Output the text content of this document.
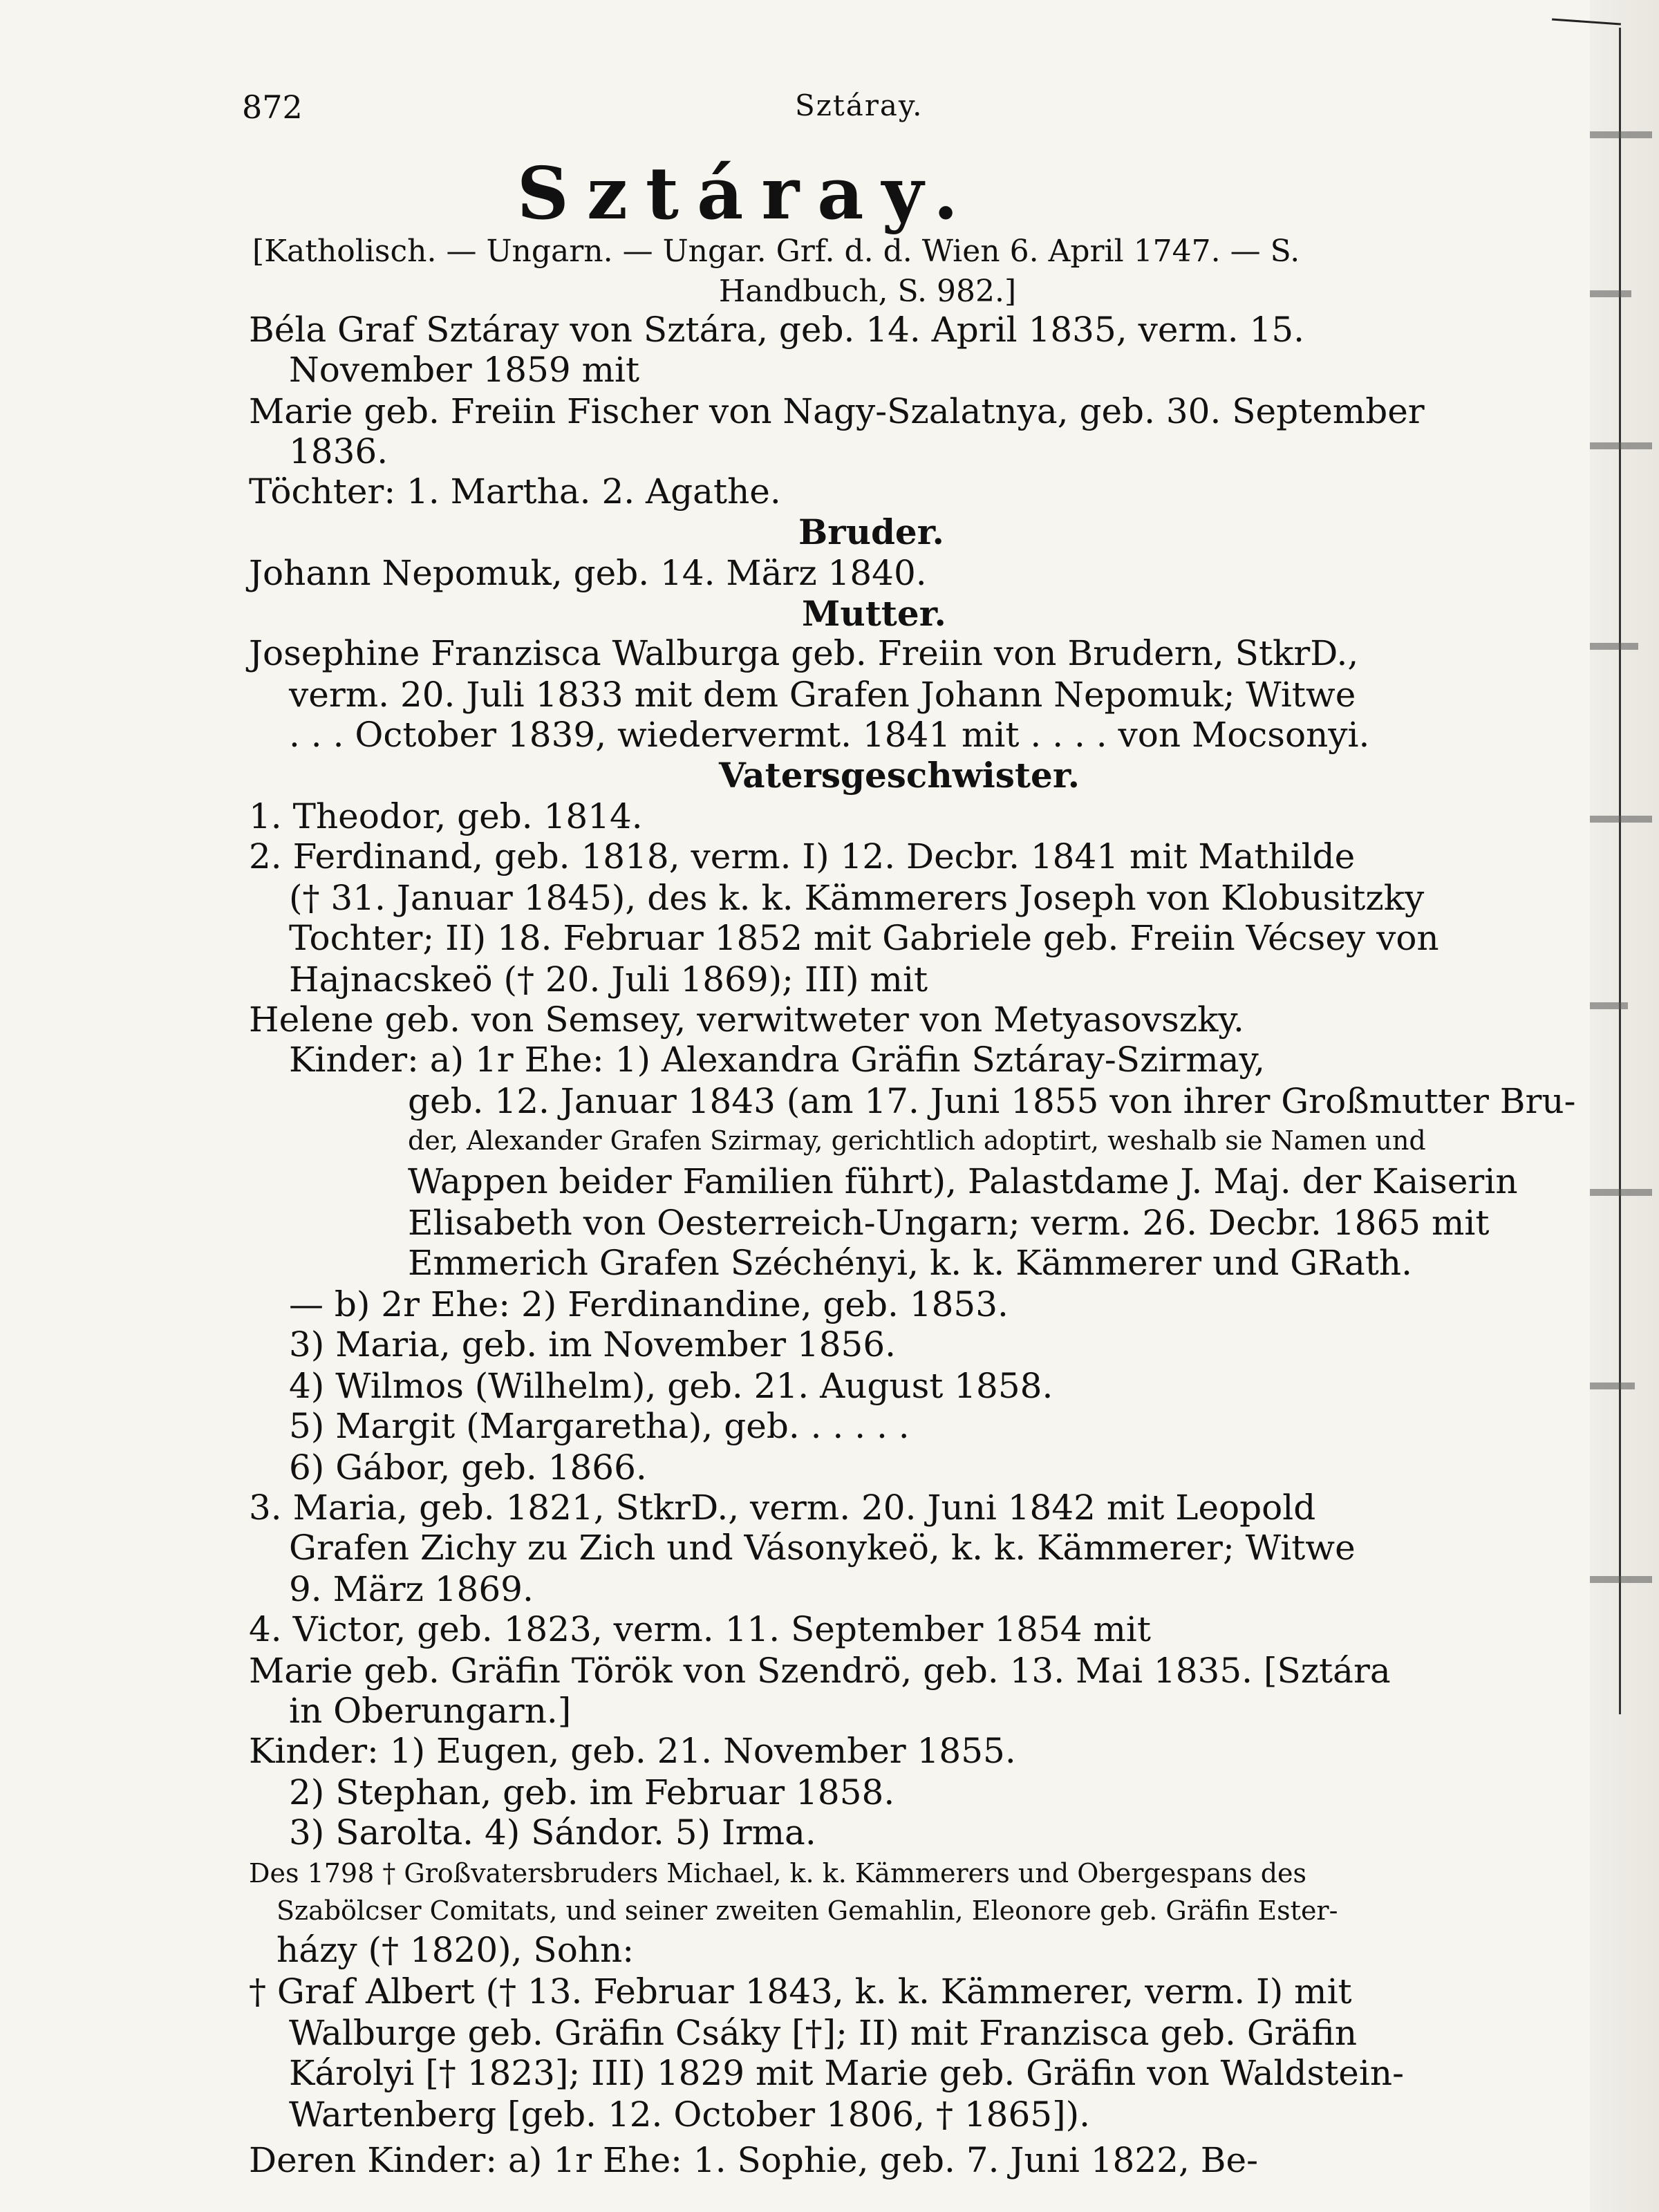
872	Sztáray.
Sztáray.
[Katholisch. — Ungarn. — Ungar. Grf. d. d. Wien 6. April 1747. — S.
Handbuch, S. 982.]
Béla Graf Sztáray von Sztára, geb. 14. April 1835, verm. 15.
November 1859 mit
Marie geb. Freiin Fischer von Nagy-Szalatnya, geb. 30. September
1836.
Töchter: 1. Martha. 2. Agathe.
Bruder.
Johann Nepomuk, geb. 14. März 1840.
Mutter.
Josephine Franzisca Walburga geb. Freiin von Brudern, StkrD.,
verm. 20. Juli 1833 mit dem Grafen Johann Nepomuk; Witwe
. . . October 1839, wiedervermt. 1841 mit . . . . von Mocsonyi.
Vatersgeschwister.
1. Theodor, geb. 1814.
2. Ferdinand, geb. 1818, verm. I) 12. Decbr. 1841 mit Mathilde
(† 31. Januar 1845), des k. k. Kämmerers Joseph von Klobusitzky
Tochter; II) 18. Februar 1852 mit Gabriele geb. Freiin Vécsey von
Hajnacskeö († 20. Juli 1869); III) mit
Helene geb. von Semsey, verwitweter von Metyasovszky.
Kinder: a) 1r Ehe: 1) Alexandra Gräfin Sztáray-Szirmay,
geb. 12. Januar 1843 (am 17. Juni 1855 von ihrer Großmutter Bru-
der, Alexander Grafen Szirmay, gerichtlich adoptirt, weshalb sie Namen und
Wappen beider Familien führt), Palastdame J. Maj. der Kaiserin
Elisabeth von Oesterreich-Ungarn; verm. 26. Decbr. 1865 mit
Emmerich Grafen Széchényi, k. k. Kämmerer und GRath.
— b) 2r Ehe: 2) Ferdinandine, geb. 1853.
3) Maria, geb. im November 1856.
4) Wilmos (Wilhelm), geb. 21. August 1858.
5) Margit (Margaretha), geb. . . . . .
6) Gábor, geb. 1866.
3. Maria, geb. 1821, StkrD., verm. 20. Juni 1842 mit Leopold
Grafen Zichy zu Zich und Vásonykeö, k. k. Kämmerer; Witwe
9. März 1869.
4. Victor, geb. 1823, verm. 11. September 1854 mit
Marie geb. Gräfin Török von Szendrö, geb. 13. Mai 1835. [Sztára
in Oberungarn.]
Kinder: 1) Eugen, geb. 21. November 1855.
2) Stephan, geb. im Februar 1858.
3) Sarolta. 4) Sándor. 5) Irma.
Des 1798 † Großvatersbruders Michael, k. k. Kämmerers und Obergespans des
Szabölcser Comitats, und seiner zweiten Gemahlin, Eleonore geb. Gräfin Ester-
házy († 1820), Sohn:
† Graf Albert († 13. Februar 1843, k. k. Kämmerer, verm. I) mit
Walburge geb. Gräfin Csáky [†]; II) mit Franzisca geb. Gräfin
Károlyi [† 1823]; III) 1829 mit Marie geb. Gräfin von Waldstein-
Wartenberg [geb. 12. October 1806, † 1865]).
Deren Kinder: a) 1r Ehe: 1. Sophie, geb. 7. Juni 1822, Be-
